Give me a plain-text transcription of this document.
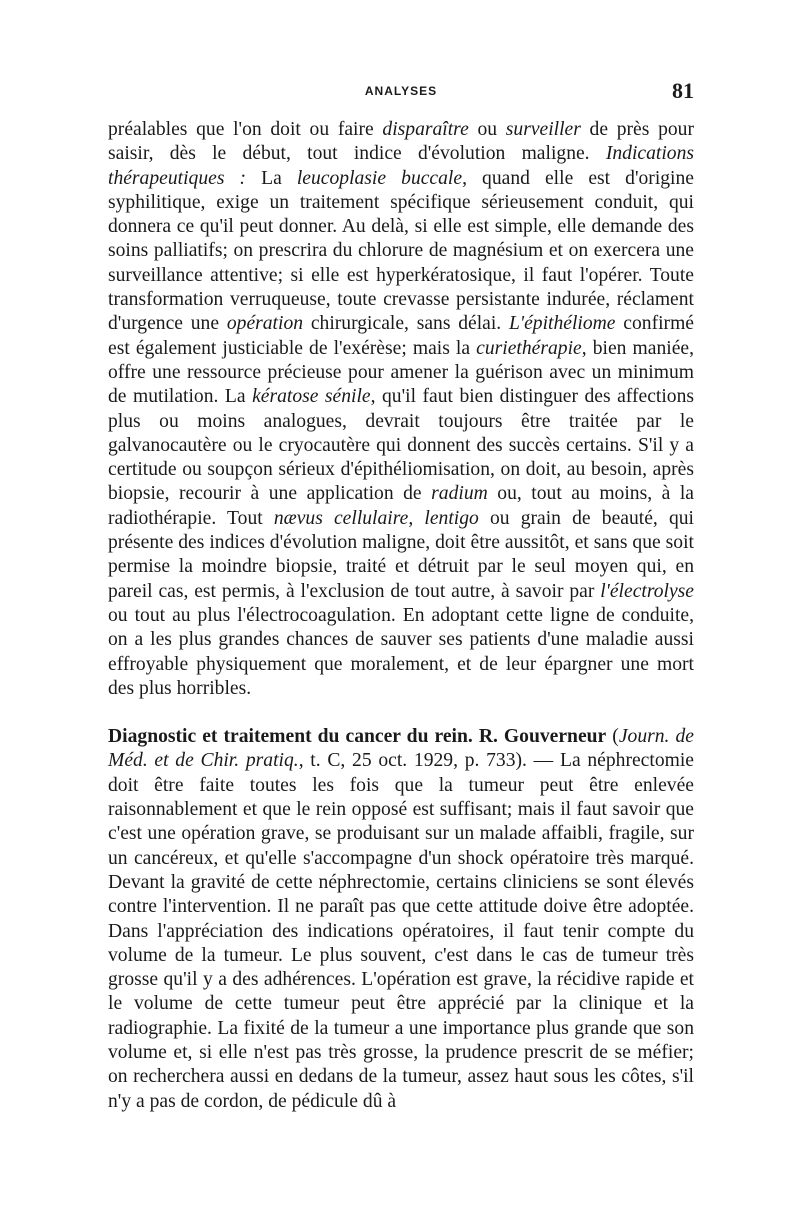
ANALYSES	81

préalables que l'on doit ou faire disparaître ou surveiller de près pour saisir, dès le début, tout indice d'évolution maligne. Indications thérapeutiques : La leucoplasie buccale, quand elle est d'origine syphilitique, exige un traitement spécifique sérieusement conduit, qui donnera ce qu'il peut donner. Au delà, si elle est simple, elle demande des soins palliatifs; on prescrira du chlorure de magnésium et on exercera une surveillance attentive; si elle est hyperkératosique, il faut l'opérer. Toute transformation verruqueuse, toute crevasse persistante indurée, réclament d'urgence une opération chirurgicale, sans délai. L'épithéliome confirmé est également justiciable de l'exérèse; mais la curiethérapie, bien maniée, offre une ressource précieuse pour amener la guérison avec un minimum de mutilation. La kératose sénile, qu'il faut bien distinguer des affections plus ou moins analogues, devrait toujours être traitée par le galvanocautère ou le cryocautère qui donnent des succès certains. S'il y a certitude ou soupçon sérieux d'épithéliomisation, on doit, au besoin, après biopsie, recourir à une application de radium ou, tout au moins, à la radiothérapie. Tout nævus cellulaire, lentigo ou grain de beauté, qui présente des indices d'évolution maligne, doit être aussitôt, et sans que soit permise la moindre biopsie, traité et détruit par le seul moyen qui, en pareil cas, est permis, à l'exclusion de tout autre, à savoir par l'électrolyse ou tout au plus l'électrocoagulation. En adoptant cette ligne de conduite, on a les plus grandes chances de sauver ses patients d'une maladie aussi effroyable physiquement que moralement, et de leur épargner une mort des plus horribles.

Diagnostic et traitement du cancer du rein. R. Gouverneur (Journ. de Méd. et de Chir. pratiq., t. C, 25 oct. 1929, p. 733). — La néphrectomie doit être faite toutes les fois que la tumeur peut être enlevée raisonnablement et que le rein opposé est suffisant; mais il faut savoir que c'est une opération grave, se produisant sur un malade affaibli, fragile, sur un cancéreux, et qu'elle s'accompagne d'un shock opératoire très marqué. Devant la gravité de cette néphrectomie, certains cliniciens se sont élevés contre l'intervention. Il ne paraît pas que cette attitude doive être adoptée. Dans l'appréciation des indications opératoires, il faut tenir compte du volume de la tumeur. Le plus souvent, c'est dans le cas de tumeur très grosse qu'il y a des adhérences. L'opération est grave, la récidive rapide et le volume de cette tumeur peut être apprécié par la clinique et la radiographie. La fixité de la tumeur a une importance plus grande que son volume et, si elle n'est pas très grosse, la prudence prescrit de se méfier; on recherchera aussi en dedans de la tumeur, assez haut sous les côtes, s'il n'y a pas de cordon, de pédicule dû à
